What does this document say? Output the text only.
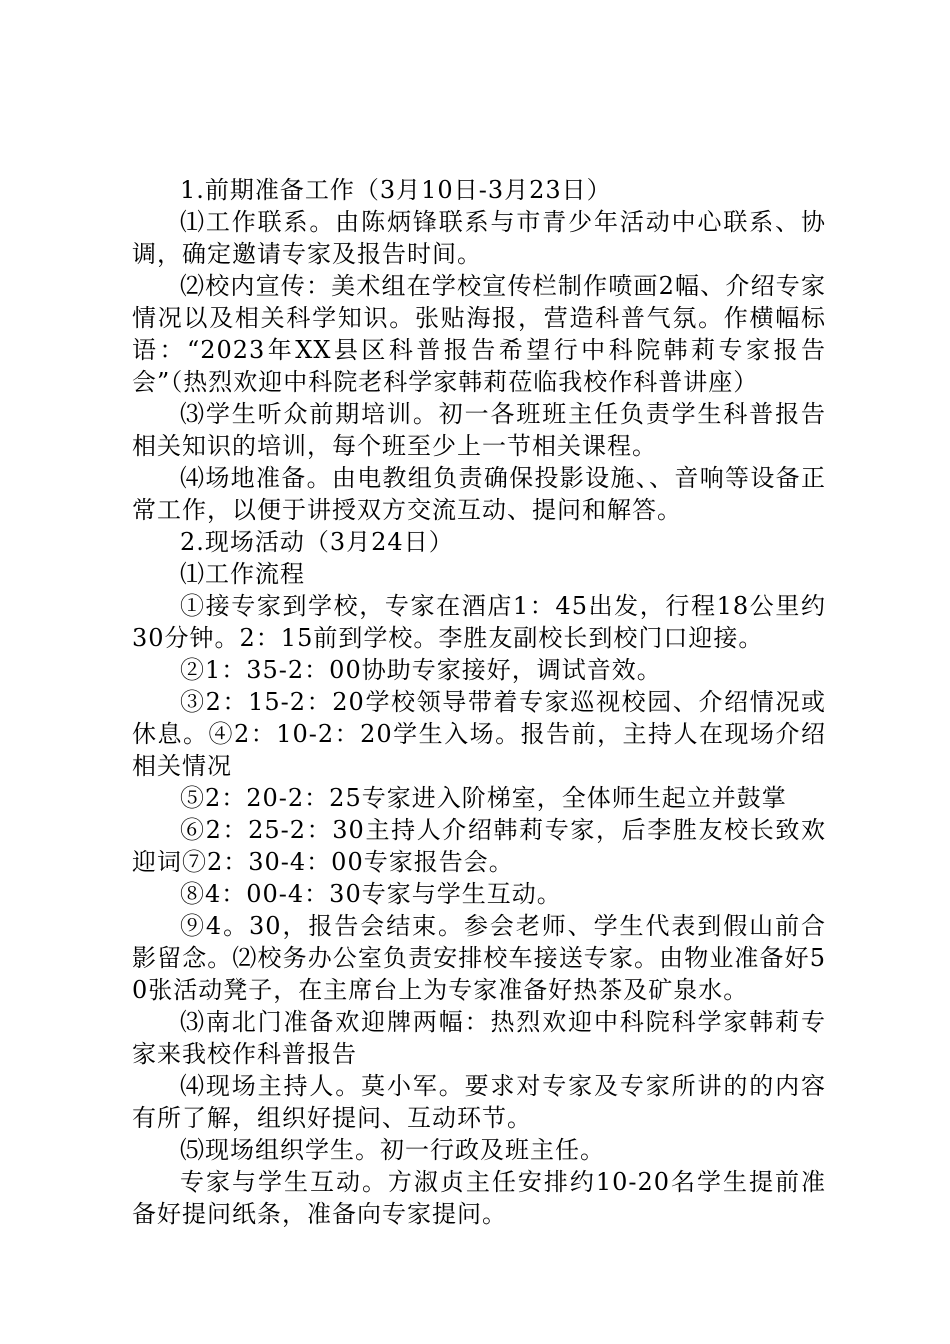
1.前期准备工作（3月10日-3月23日）

⑴工作联系。由陈炳锋联系与市青少年活动中心联系、协调，确定邀请专家及报告时间。

⑵校内宣传：美术组在学校宣传栏制作喷画2幅、介绍专家情况以及相关科学知识。张贴海报，营造科普气氛。作横幅标语：“2023年XX县区科普报告希望行中科院韩莉专家报告会”（热烈欢迎中科院老科学家韩莉莅临我校作科普讲座）

⑶学生听众前期培训。初一各班班主任负责学生科普报告相关知识的培训，每个班至少上一节相关课程。

⑷场地准备。由电教组负责确保投影设施、、音响等设备正常工作，以便于讲授双方交流互动、提问和解答。

2.现场活动（3月24日）

⑴工作流程

①接专家到学校，专家在酒店1：45出发，行程18公里约30分钟。2：15前到学校。李胜友副校长到校门口迎接。

②1：35-2：00协助专家接好，调试音效。

③2：15-2：20学校领导带着专家巡视校园、介绍情况或休息。④2：10-2：20学生入场。报告前，主持人在现场介绍相关情况

⑤2：20-2：25专家进入阶梯室，全体师生起立并鼓掌

⑥2：25-2：30主持人介绍韩莉专家，后李胜友校长致欢迎词⑦2：30-4：00专家报告会。

⑧4：00-4：30专家与学生互动。

⑨4。30，报告会结束。参会老师、学生代表到假山前合影留念。⑵校务办公室负责安排校车接送专家。由物业准备好50张活动凳子，在主席台上为专家准备好热茶及矿泉水。

⑶南北门准备欢迎牌两幅：热烈欢迎中科院科学家韩莉专家来我校作科普报告

⑷现场主持人。莫小军。要求对专家及专家所讲的的内容有所了解，组织好提问、互动环节。

⑸现场组织学生。初一行政及班主任。

专家与学生互动。方淑贞主任安排约10-20名学生提前准备好提问纸条，准备向专家提问。
